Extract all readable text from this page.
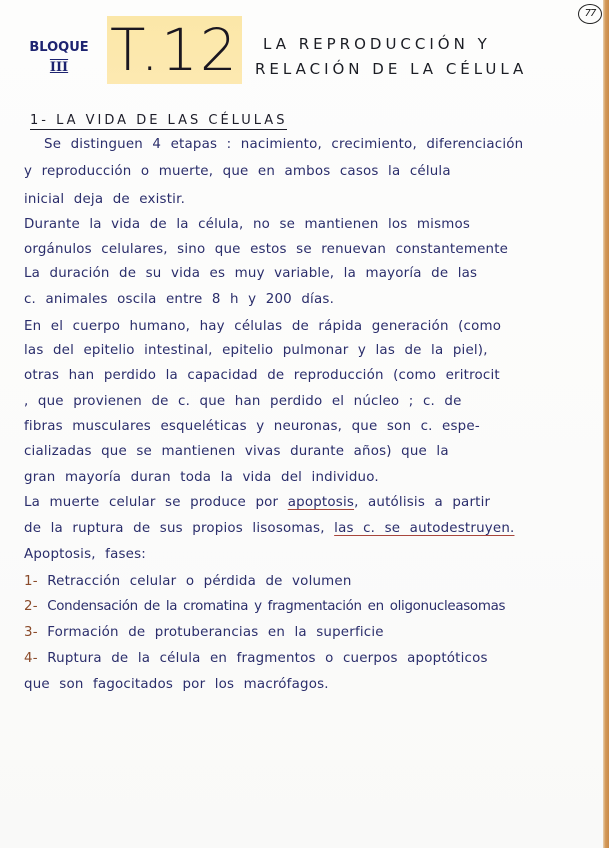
77
BLOQUE
III T.12	LA REPRODUCCIÓN Y
RELACIÓN DE LA CÉLULA
1- LA VIDA DE LAS CÉLULAS
Se distinguen 4 etapas : nacimiento, crecimiento, diferenciación
y reproducción o muerte, que en ambos casos la célula
inicial deja de existir.
Durante la vida de la célula, no se mantienen los mismos
orgánulos celulares, sino que estos se renuevan constantemente
La duración de su vida es muy variable, la mayoría de las
c. animales oscila entre 8 h y 200 días.
En el cuerpo humano, hay células de rápida generación (como
las del epitelio intestinal, epitelio pulmonar y las de la piel),
otras han perdido la capacidad de reproducción (como eritrocit
, que provienen de c. que han perdido el núcleo ; c. de
fibras musculares esqueléticas y neuronas, que son c. espe-
cializadas que se mantienen vivas durante años) que la
gran mayoría duran toda la vida del individuo.
La muerte celular se produce por apoptosis, autólisis a partir
de la ruptura de sus propios lisosomas, las c. se autodestruyen.
Apoptosis, fases:
1- Retracción celular o pérdida de volumen
2- Condensación de la cromatina y fragmentación en oligonucleasomas
3- Formación de protuberancias en la superficie
4- Ruptura de la célula en fragmentos o cuerpos apoptóticos
que son fagocitados por los macrófagos.
